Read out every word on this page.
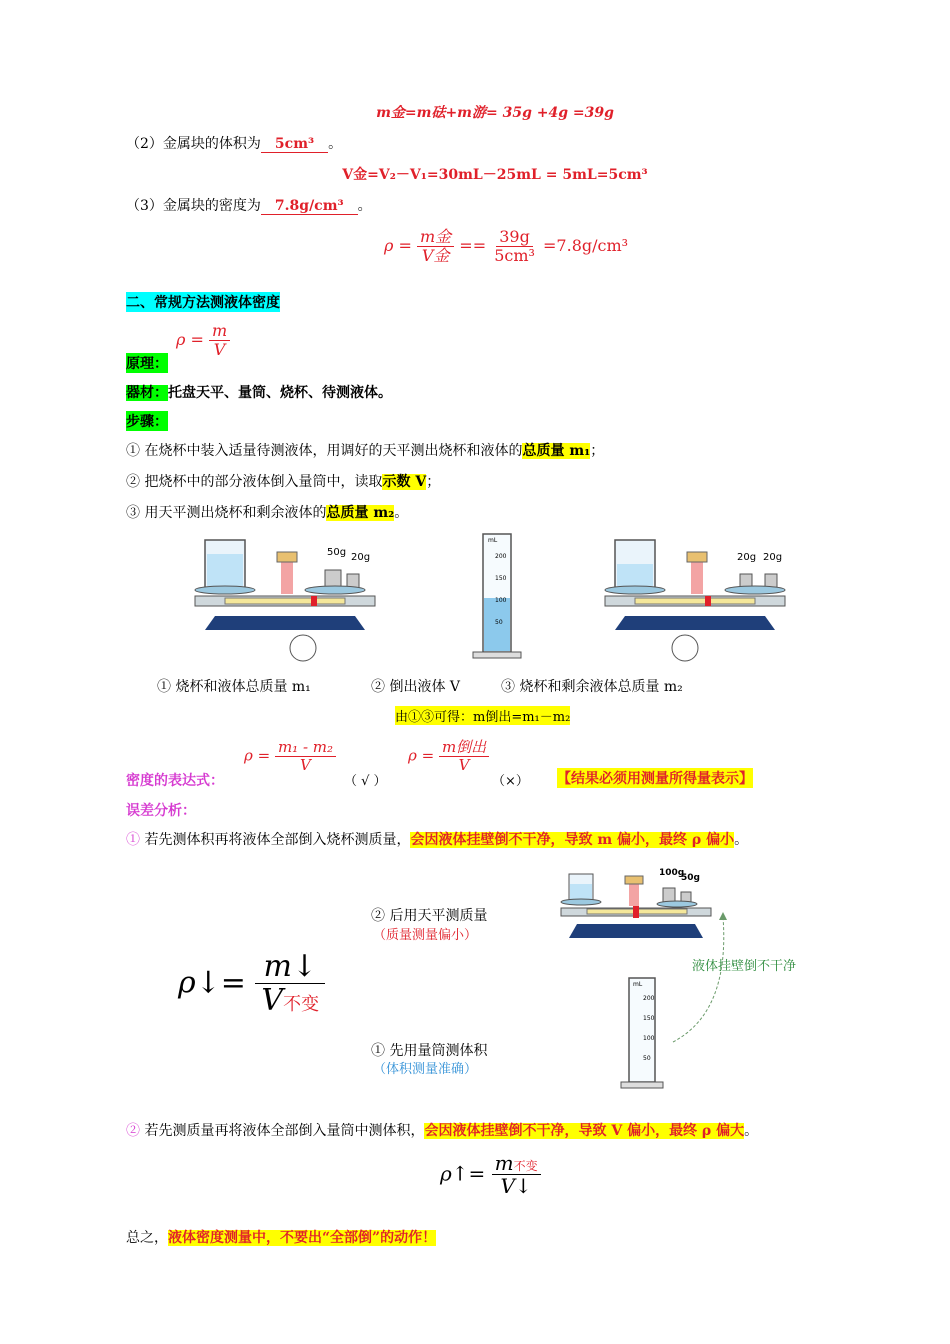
m金=m砝+m游= 35g +4g =39g
（2）金属块的体积为 5cm³ 。
V金=V₂－V₁=30mL－25mL = 5mL=5cm³
（3）金属块的密度为 7.8g/cm³ 。
$\rho = \frac{\text{m金}}{\text{V金}} == \frac{39g}{\text{5cm³}} =7.8g/cm^3$
二、常规方法测液体密度
$\rho = \frac{m}{V}$
原理：
器材：托盘天平、量筒、烧杯、待测液体。
步骤：
① 在烧杯中装入适量待测液体，用调好的天平测出烧杯和液体的总质量 m₁；
② 把烧杯中的部分液体倒入量筒中，读取示数 V；
③ 用天平测出烧杯和剩余液体的总质量 m₂。
50g 20g
mL
200
150
100
50
20g 20g
① 烧杯和液体总质量 m₁	② 倒出液体 V	③ 烧杯和剩余液体总质量 m₂
由①③可得：m倒出=m₁－m₂
密度的表达式：
$\rho = \frac{\text{m₁ - m₂}}{V}$
（ √ ）
$\rho = \frac{\text{m倒出}}{V}$
（×） 【结果必须用测量所得量表示】
误差分析：
① 若先测体积再将液体全部倒入烧杯测质量，会因液体挂壁倒不干净，导致 m 偏小，最终 ρ 偏小。
② 后用天平测质量
（质量测量偏小）
① 先用量筒测体积
（体积测量准确）
液体挂壁倒不干净
ρ↓= $\frac{m↓}{\text{V不变}}$
100g
50g
mL
200
150
100
50
② 若先测质量再将液体全部倒入量筒中测体积，会因液体挂壁倒不干净，导致 V 偏小，最终 ρ 偏大。
ρ↑= $\frac{\text{m不变}}{V↓}$
总之，液体密度测量中，不要出“全部倒”的动作！
